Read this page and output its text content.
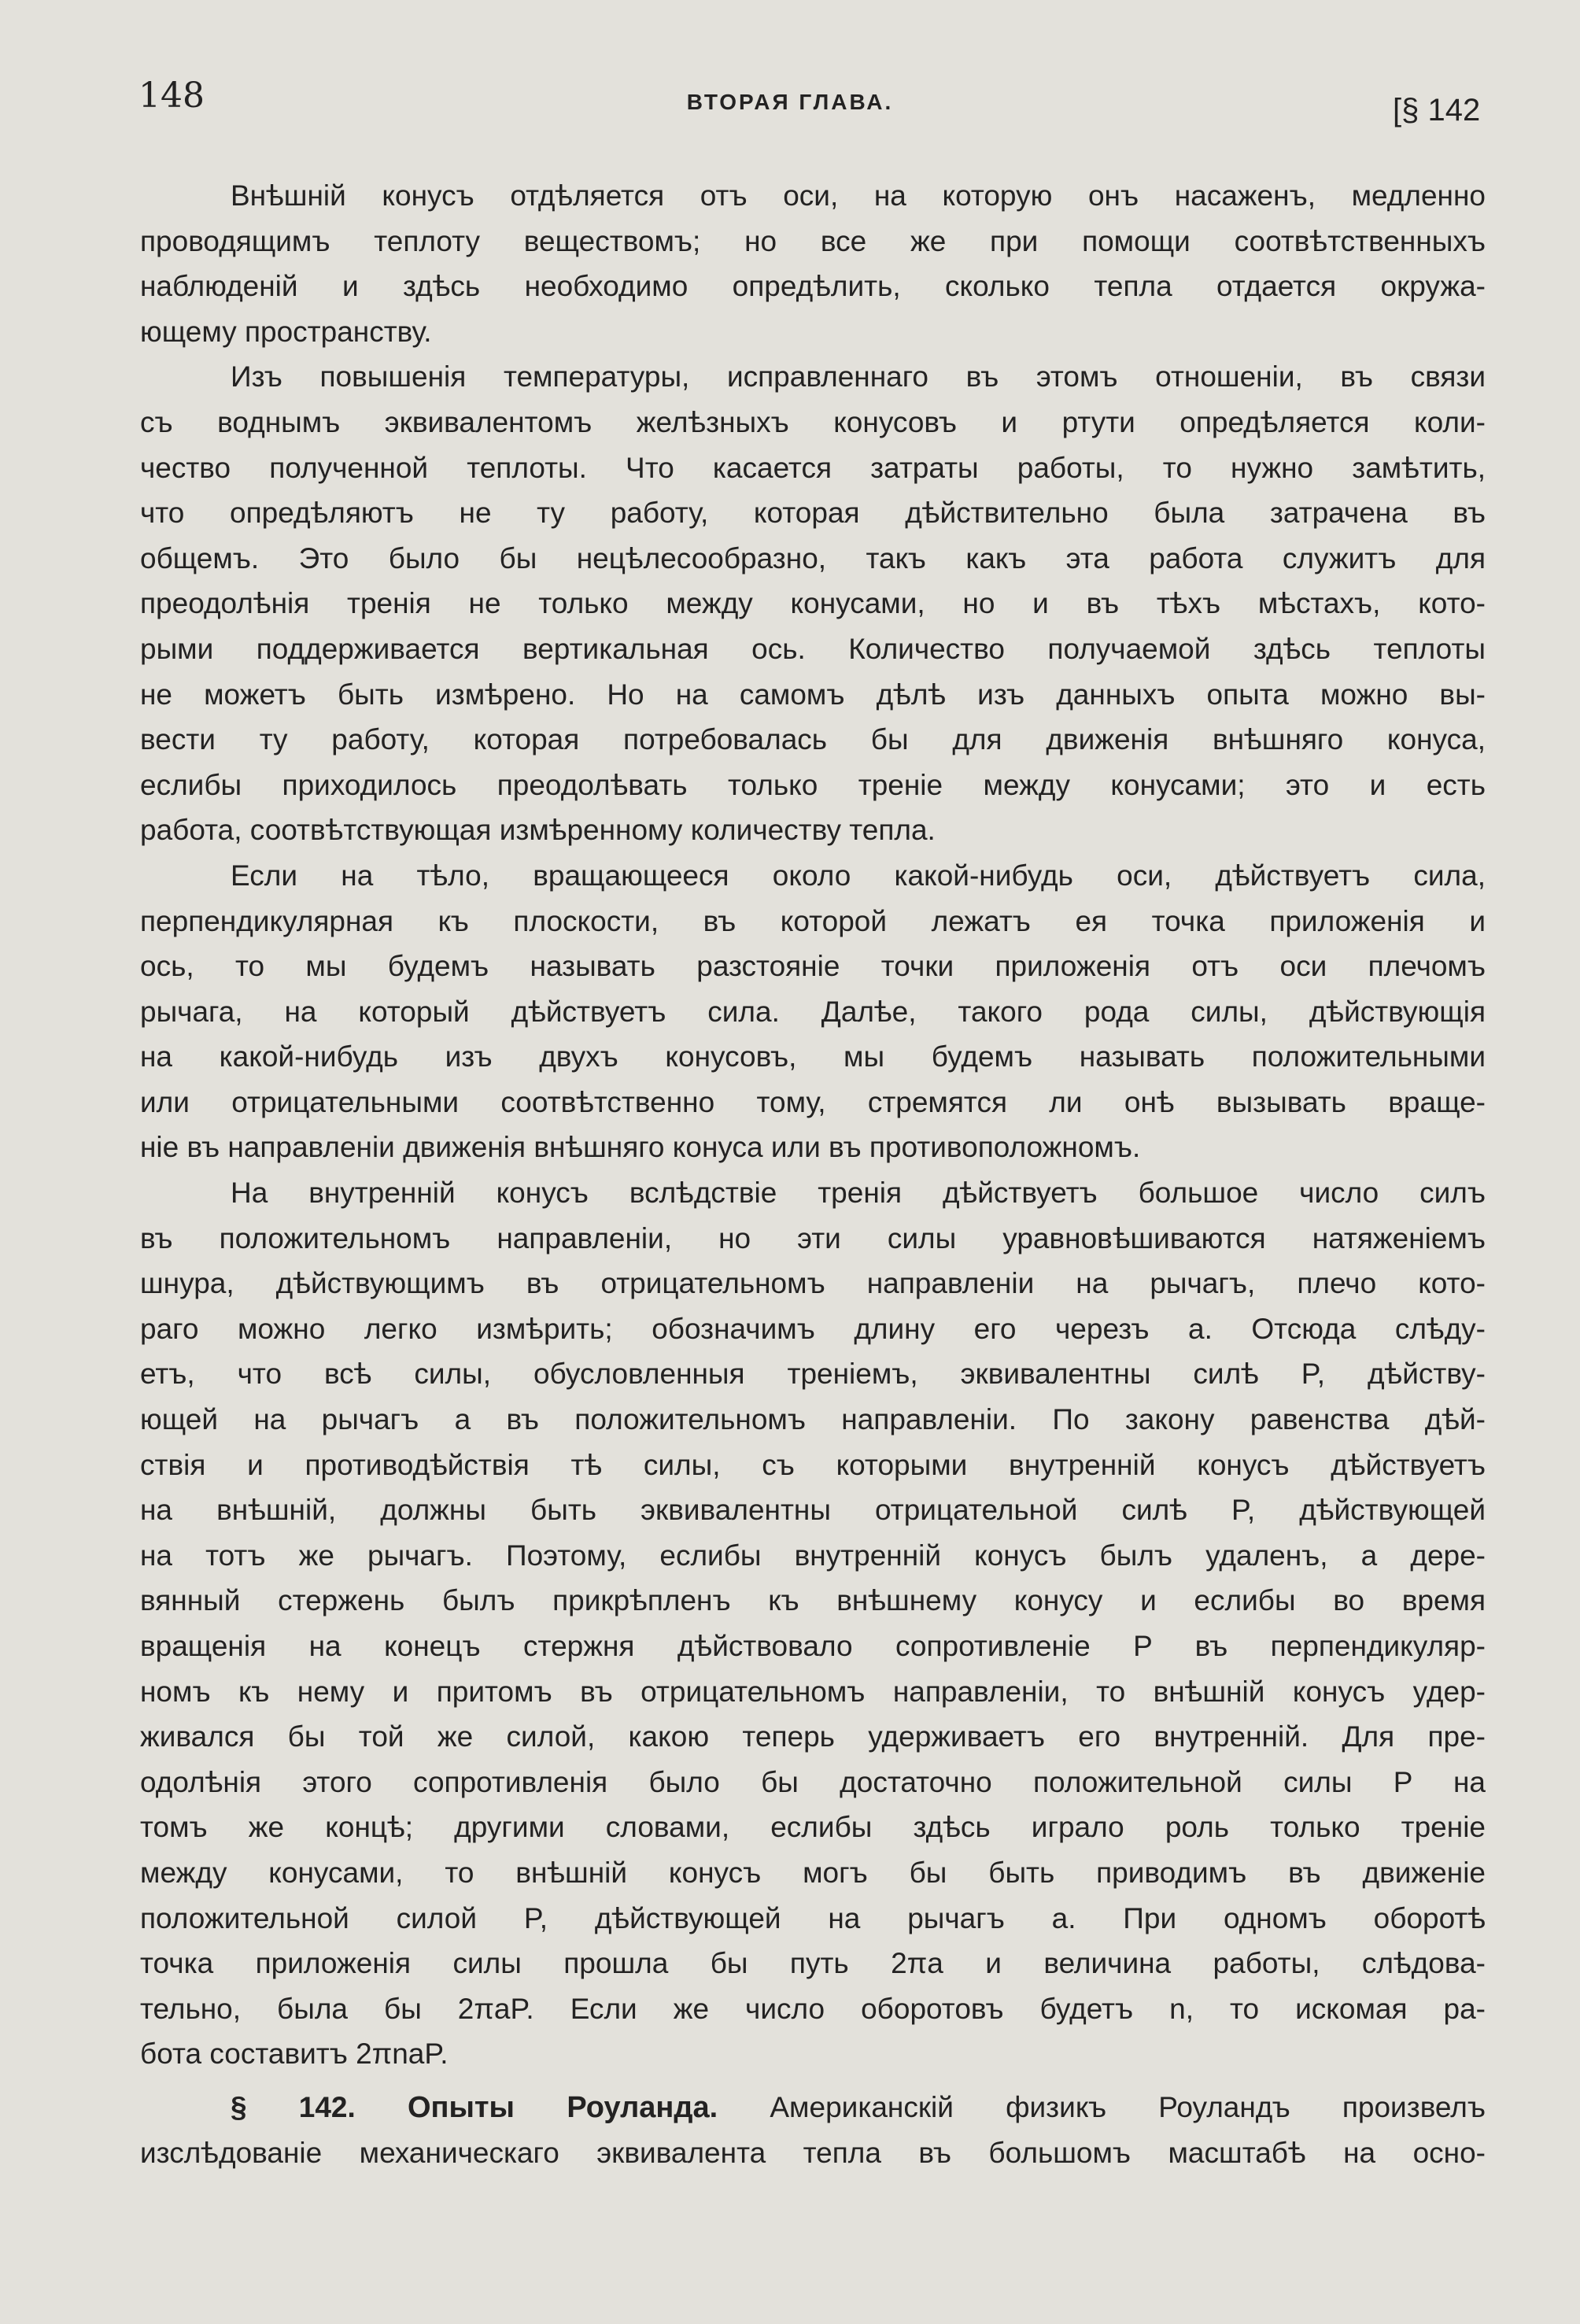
148	ВТОРАЯ ГЛАВА.	[§ 142
Внѣшній конусъ отдѣляется отъ оси, на которую онъ насаженъ, медленно
проводящимъ теплоту веществомъ; но все же при помощи соотвѣтственныхъ
наблюденій и здѣсь необходимо опредѣлить, сколько тепла отдается окружа-
ющему пространству.
Изъ повышенія температуры, исправленнаго въ этомъ отношеніи, въ связи
съ воднымъ эквивалентомъ желѣзныхъ конусовъ и ртути опредѣляется коли-
чество полученной теплоты. Что касается затраты работы, то нужно замѣтить,
что опредѣляютъ не ту работу, которая дѣйствительно была затрачена въ
общемъ. Это было бы нецѣлесообразно, такъ какъ эта работа служитъ для
преодолѣнія тренія не только между конусами, но и въ тѣхъ мѣстахъ, кото-
рыми поддерживается вертикальная ось. Количество получаемой здѣсь теплоты
не можетъ быть измѣрено. Но на самомъ дѣлѣ изъ данныхъ опыта можно вы-
вести ту работу, которая потребовалась бы для движенія внѣшняго конуса,
еслибы приходилось преодолѣвать только треніе между конусами; это и есть
работа, соотвѣтствующая измѣренному количеству тепла.
Если на тѣло, вращающееся около какой-нибудь оси, дѣйствуетъ сила,
перпендикулярная къ плоскости, въ которой лежатъ ея точка приложенія и
ось, то мы будемъ называть разстояніе точки приложенія отъ оси плечомъ
рычага, на который дѣйствуетъ сила. Далѣе, такого рода силы, дѣйствующія
на какой-нибудь изъ двухъ конусовъ, мы будемъ называть положительными
или отрицательными соотвѣтственно тому, стремятся ли онѣ вызывать враще-
ніе въ направленіи движенія внѣшняго конуса или въ противоположномъ.
На внутренній конусъ вслѣдствіе тренія дѣйствуетъ большое число силъ
въ положительномъ направленіи, но эти силы уравновѣшиваются натяженіемъ
шнура, дѣйствующимъ въ отрицательномъ направленіи на рычагъ, плечо кото-
раго можно легко измѣрить; обозначимъ длину его черезъ a. Отсюда слѣду-
етъ, что всѣ силы, обусловленныя треніемъ, эквивалентны силѣ P, дѣйству-
ющей на рычагъ a въ положительномъ направленіи. По закону равенства дѣй-
ствія и противодѣйствія тѣ силы, съ которыми внутренній конусъ дѣйствуетъ
на внѣшній, должны быть эквивалентны отрицательной силѣ P, дѣйствующей
на тотъ же рычагъ. Поэтому, еслибы внутренній конусъ былъ удаленъ, а дере-
вянный стержень былъ прикрѣпленъ къ внѣшнему конусу и еслибы во время
вращенія на конецъ стержня дѣйствовало сопротивленіе P въ перпендикуляр-
номъ къ нему и притомъ въ отрицательномъ направленіи, то внѣшній конусъ удер-
живался бы той же силой, какою теперь удерживаетъ его внутренній. Для пре-
одолѣнія этого сопротивленія было бы достаточно положительной силы P на
томъ же концѣ; другими словами, еслибы здѣсь играло роль только треніе
между конусами, то внѣшній конусъ могъ бы быть приводимъ въ движеніе
положительной силой P, дѣйствующей на рычагъ a. При одномъ оборотѣ
точка приложенія силы прошла бы путь 2πa и величина работы, слѣдова-
тельно, была бы 2πaP. Если же число оборотовъ будетъ n, то искомая ра-
бота составитъ 2πnaP.
§ 142. Опыты Роуланда. Американскій физикъ Роуландъ произвелъ
изслѣдованіе механическаго эквивалента тепла въ большомъ масштабѣ на осно-
